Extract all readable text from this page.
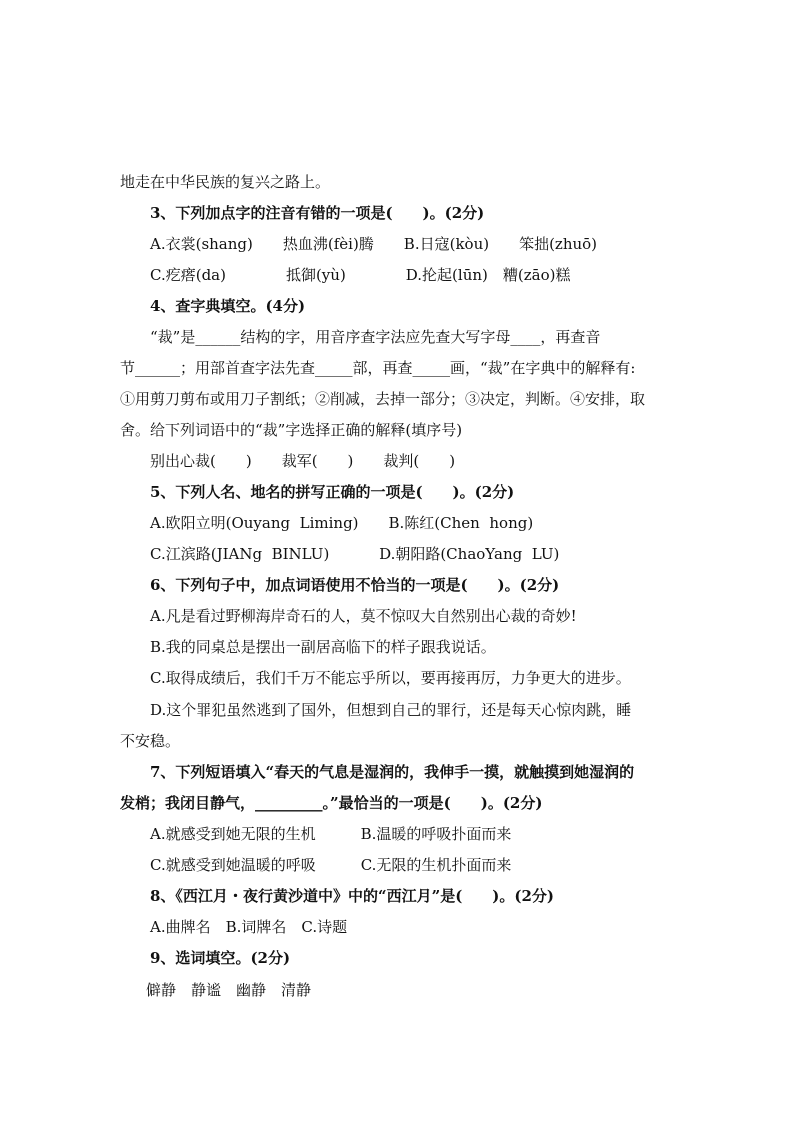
地走在中华民族的复兴之路上。
3、下列加点字的注音有错的一项是(　　)。(2分)
A.衣裳(shang)　　热血沸(fèi)腾　　B.日寇(kòu)　　笨拙(zhuō)
C.疙瘩(da)　　　　抵御(yù)　　　　D.抡起(lūn)　糟(zāo)糕
4、查字典填空。(4分)
“裁”是______结构的字，用音序查字法应先查大写字母____，再查音
节______；用部首查字法先查_____部，再查_____画，“裁”在字典中的解释有:
①用剪刀剪布或用刀子割纸；②削减，去掉一部分；③决定，判断。④安排，取
舍。给下列词语中的“裁”字选择正确的解释(填序号)
别出心裁(　　)　　裁军(　　)　　裁判(　　)
5、下列人名、地名的拼写正确的一项是(　　)。(2分)
A.欧阳立明(Ouyang  Liming)　　B.陈红(Chen  hong)
C.江滨路(JIANg  BINLU)　　　 D.朝阳路(ChaoYang  LU)
6、下列句子中，加点词语使用不恰当的一项是(　　)。(2分)
A.凡是看过野柳海岸奇石的人，莫不惊叹大自然别出心裁的奇妙!
B.我的同桌总是摆出一副居高临下的样子跟我说话。
C.取得成绩后，我们千万不能忘乎所以，要再接再厉，力争更大的进步。
D.这个罪犯虽然逃到了国外，但想到自己的罪行，还是每天心惊肉跳，睡
不安稳。
7、下列短语填入“春天的气息是湿润的，我伸手一摸，就触摸到她湿润的
发梢；我闭目静气，_________。”最恰当的一项是(　　)。(2分)
A.就感受到她无限的生机　　　B.温暖的呼吸扑面而来
C.就感受到她温暖的呼吸　　　C.无限的生机扑面而来
8、《西江月・夜行黄沙道中》中的“西江月”是(　　)。(2分)
A.曲牌名　B.词牌名　C.诗题
9、选词填空。(2分)
僻静　静谧　幽静　清静
